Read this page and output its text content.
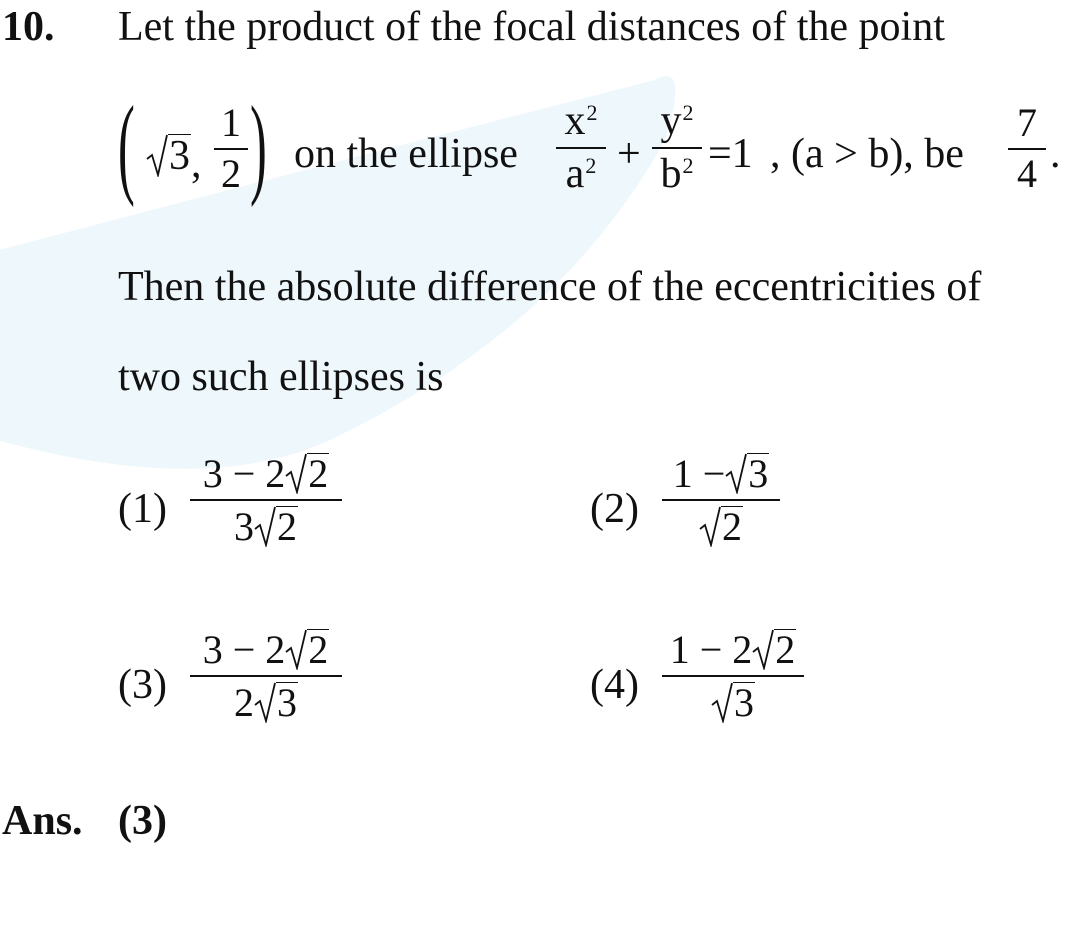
10. Let the product of the focal distances of the point
( 3 ,
1
2 ) on the ellipse
x 2
a 2 +
y 2
b 2 =1 , (a > b), be
7
4 .
Then the absolute difference of the eccentricities of
two such ellipses is
(1)
3 − 2 2
3 2	(2)
1 − 3
2
(3)
3 − 2 2
2 3	(4)
1 − 2 2
3
Ans. (3)
